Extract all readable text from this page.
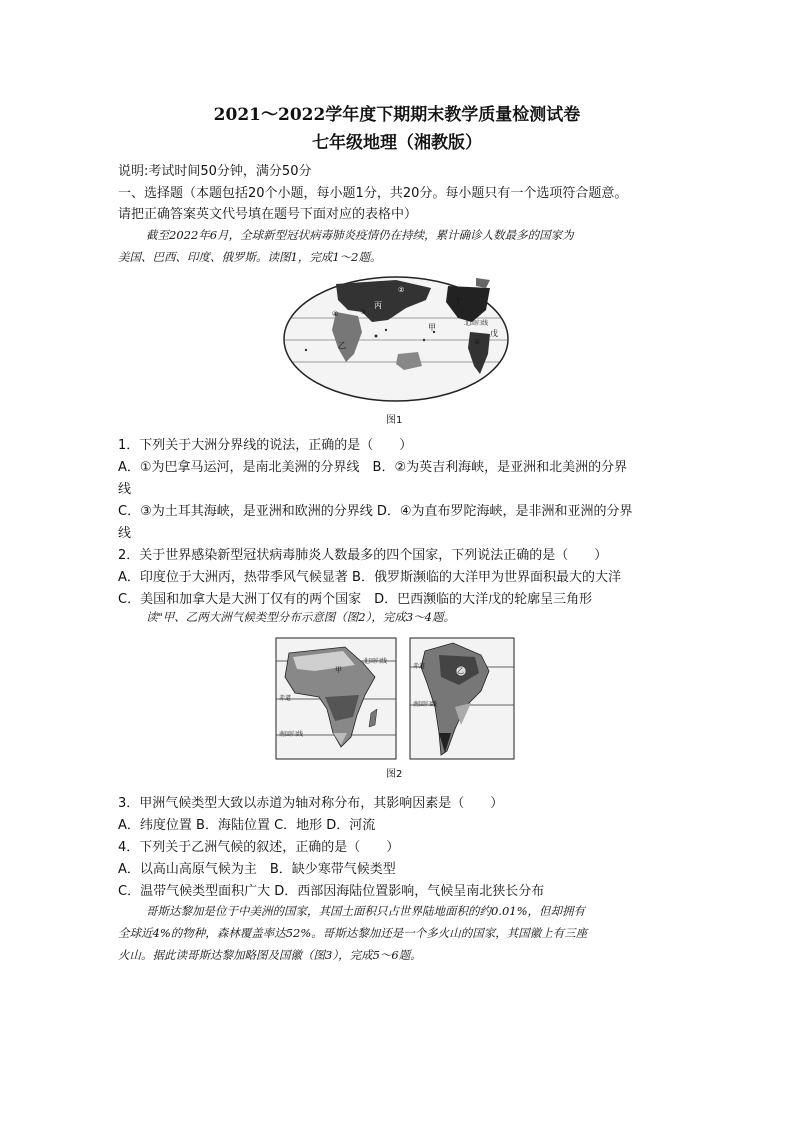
2021～2022学年度下期期末教学质量检测试卷
七年级地理（湘教版）
说明:考试时间50分钟，满分50分
一、选择题（本题包括20个小题，每小题1分，共20分。每小题只有一个选项符合题意。
请把正确答案英文代号填在题号下面对应的表格中）
截至2022年6月，全球新型冠状病毒肺炎疫情仍在持续，累计确诊人数最多的国家为
美国、巴西、印度、俄罗斯。读图1，完成1～2题。
北回归线
甲
乙
戊
丁
丙
①
②
③
④
图1
1．下列关于大洲分界线的说法，正确的是（　　）
A．①为巴拿马运河，是南北美洲的分界线　B．②为英吉利海峡，是亚洲和北美洲的分界
线
C．③为土耳其海峡，是亚洲和欧洲的分界线 D．④为直布罗陀海峡，是非洲和亚洲的分界
线
2．关于世界感染新型冠状病毒肺炎人数最多的四个国家，下列说法正确的是（　　）
A．印度位于大洲丙，热带季风气候显著 B．俄罗斯濒临的大洋甲为世界面积最大的大洋
C．美国和加拿大是大洲丁仅有的两个国家　D．巴西濒临的大洋戊的轮廓呈三角形
读"甲、乙两大洲气候类型分布示意图（图2），完成3～4题。
北回归线
赤道
南回归线
甲	赤道
南回归线
乙
图2
3．甲洲气候类型大致以赤道为轴对称分布，其影响因素是（　　）
A．纬度位置 B．海陆位置 C．地形 D．河流
4．下列关于乙洲气候的叙述，正确的是（　　）
A．以高山高原气候为主　B．缺少寒带气候类型
C．温带气候类型面积广大 D．西部因海陆位置影响，气候呈南北狭长分布
哥斯达黎加是位于中美洲的国家，其国土面积只占世界陆地面积的约0.01%，但却拥有
全球近4%的物种，森林覆盖率达52%。哥斯达黎加还是一个多火山的国家，其国徽上有三座
火山。据此读哥斯达黎加略图及国徽（图3），完成5～6题。
